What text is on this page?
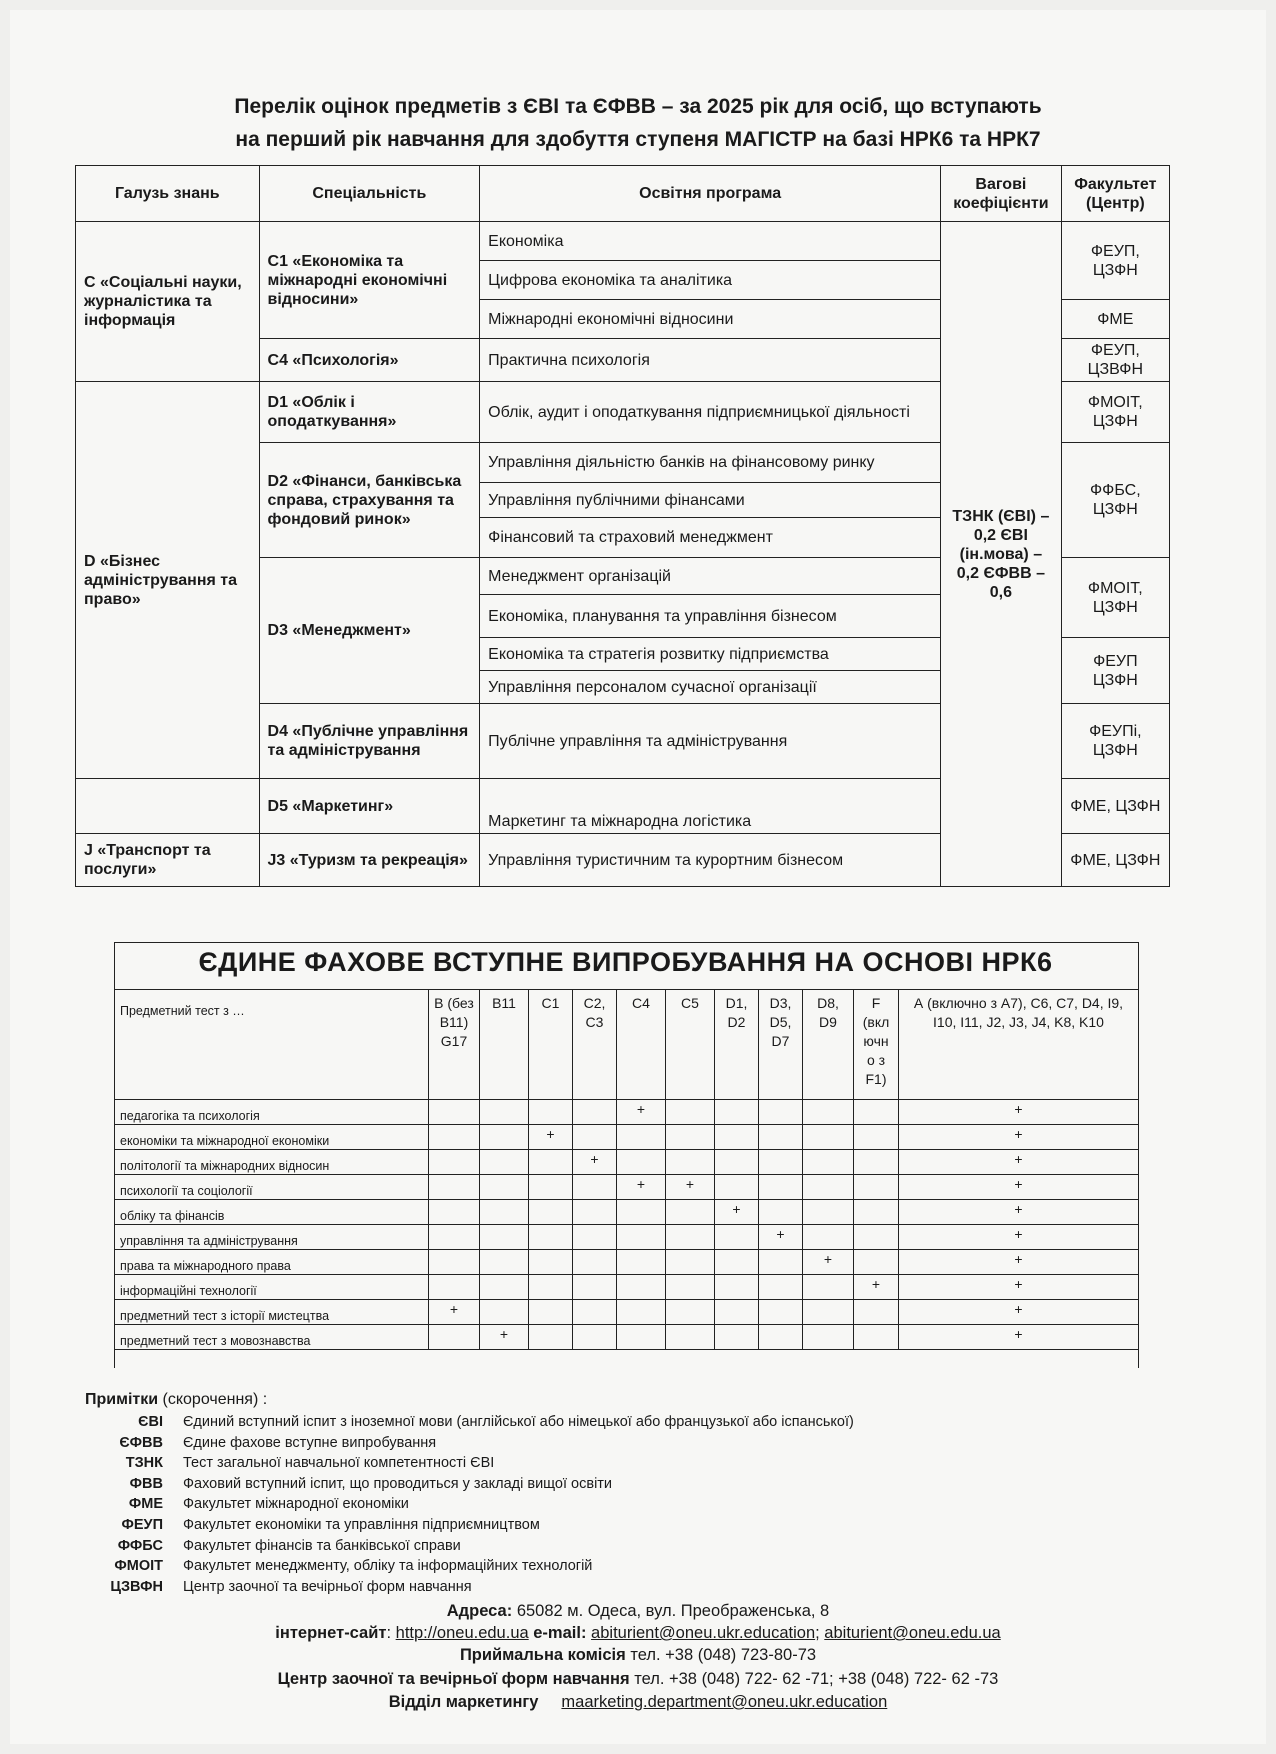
Перелік оцінок предметів з ЄВІ та ЄФВВ – за 2025 рік для осіб, що вступають
на перший рік навчання для здобуття ступеня МАГІСТР на базі НРК6 та НРК7
Галузь знань	Спеціальність	Освітня програма	Вагові коефіцієнти	Факультет (Центр)
С «Соціальні науки, журналістика та інформація	С1 «Економіка та міжнародні економічні відносини»	Економіка	ТЗНК (ЄВІ) – 0,2 ЄВІ (ін.мова) – 0,2 ЄФВВ – 0,6	ФЕУП, ЦЗФН
		Цифрова економіка та аналітика		
		Міжнародні економічні відносини		ФМЕ
	С4 «Психологія»	Практична психологія		ФЕУП, ЦЗВФН
D «Бізнес адміністрування та право»	D1 «Облік і оподаткування»	Облік, аудит і оподаткування підприємницької діяльності		ФМОІТ, ЦЗФН
	D2 «Фінанси, банківська справа, страхування та фондовий ринок»	Управління діяльністю банків на фінансовому ринку		ФФБС, ЦЗФН
		Управління публічними фінансами		
		Фінансовий та страховий менеджмент		
	D3 «Менеджмент»	Менеджмент організацій		ФМОІТ, ЦЗФН
		Економіка, планування та управління бізнесом		
		Економіка та стратегія розвитку підприємства		ФЕУП ЦЗФН
		Управління персоналом сучасної організації		
	D4 «Публічне управління та адміністрування	Публічне управління та адміністрування		ФЕУПі, ЦЗФН
	D5 «Маркетинг»	Маркетинг та міжнародна логістика		ФМЕ, ЦЗФН
J «Транспорт та послуги»	J3 «Туризм та рекреація»	Управління туристичним та курортним бізнесом		ФМЕ, ЦЗФН
ЄДИНЕ ФАХОВЕ ВСТУПНЕ ВИПРОБУВАННЯ НА ОСНОВІ НРК6
Предметний тест з …	В (без В11) G17	В11	С1	С2, С3	С4	С5	D1, D2	D3, D5, D7	D8, D9	F (вкл ючн о з F1)	А (включно з А7), С6, С7, D4, I9, I10, I11, J2, J3, J4, K8, K10
педагогіка та психологія					+						+
економіки та міжнародної економіки			+								+
політології та міжнародних відносин				+							+
психології та соціології					+	+					+
обліку та фінансів							+				+
управління та адміністрування								+			+
права та міжнародного права									+		+
інформаційні технології										+	+
предметний тест з історії мистецтва	+										+
предметний тест з мовознавства		+									+
Примітки (скорочення) :
ЄВІ Єдиний вступний іспит з іноземної мови (англійської або німецької або французької або іспанської)
ЄФВВ Єдине фахове вступне випробування
ТЗНК Тест загальної навчальної компетентності ЄВІ
ФВВ Фаховий вступний іспит, що проводиться у закладі вищої освіти
ФМЕ Факультет міжнародної економіки
ФЕУП Факультет економіки та управління підприємництвом
ФФБС Факультет фінансів та банківської справи
ФМОІТ Факультет менеджменту, обліку та інформаційних технологій
ЦЗВФН Центр заочної та вечірньої форм навчання
Адреса: 65082 м. Одеса, вул. Преображенська, 8
інтернет-сайт: http://oneu.edu.ua e-mail: abiturient@oneu.ukr.education; abiturient@oneu.edu.ua
Приймальна комісія тел. +38 (048) 723-80-73
Центр заочної та вечірньої форм навчання тел. +38 (048) 722- 62 -71; +38 (048) 722- 62 -73
Відділ маркетингу maarketing.department@oneu.ukr.education
